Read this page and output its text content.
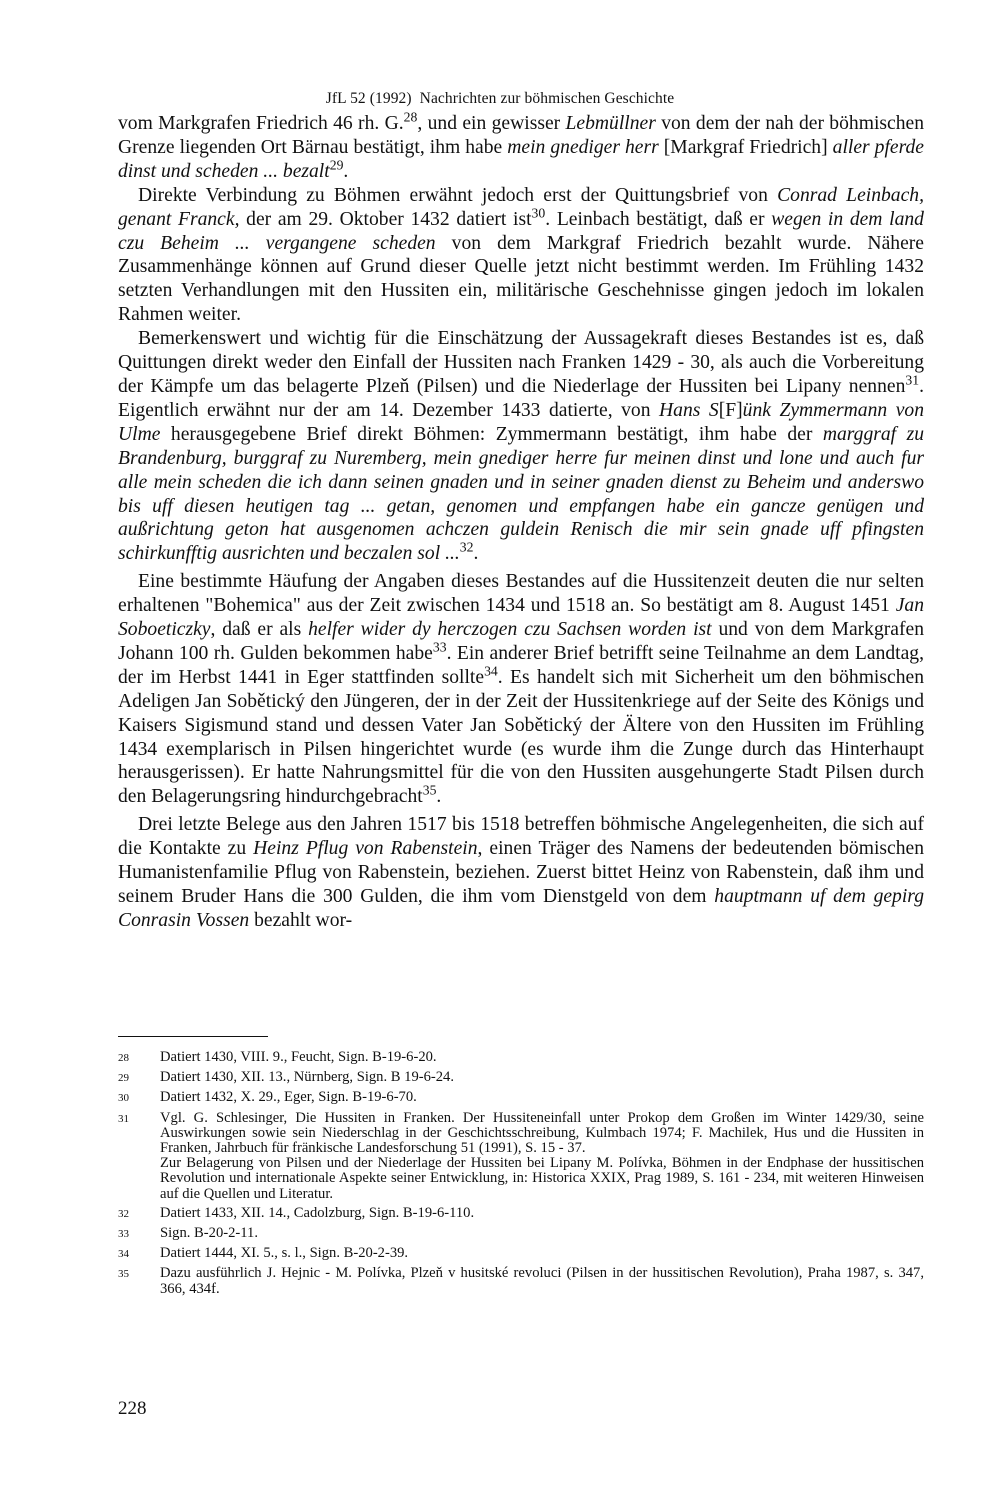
JfL 52 (1992) Nachrichten zur böhmischen Geschichte

vom Markgrafen Friedrich 46 rh. G.$^{28}$, und ein gewisser Lebmüllner von dem der nah der böhmischen Grenze liegenden Ort Bärnau bestätigt, ihm habe mein gnediger herr [Markgraf Friedrich] aller pferde dinst und scheden ... bezalt$^{29}$.

Direkte Verbindung zu Böhmen erwähnt jedoch erst der Quittungsbrief von Conrad Leinbach, genant Franck, der am 29. Oktober 1432 datiert ist$^{30}$. Leinbach bestätigt, daß er wegen in dem land czu Beheim ... vergangene scheden von dem Markgraf Friedrich bezahlt wurde. Nähere Zusammenhänge können auf Grund dieser Quelle jetzt nicht bestimmt werden. Im Frühling 1432 setzten Verhandlungen mit den Hussiten ein, militärische Geschehnisse gingen jedoch im lokalen Rahmen weiter.

Bemerkenswert und wichtig für die Einschätzung der Aussagekraft dieses Bestandes ist es, daß Quittungen direkt weder den Einfall der Hussiten nach Franken 1429 - 30, als auch die Vorbereitung der Kämpfe um das belagerte Plzeň (Pilsen) und die Niederlage der Hussiten bei Lipany nennen$^{31}$. Eigentlich erwähnt nur der am 14. Dezember 1433 datierte, von Hans S[F]ünk Zymmermann von Ulme herausgegebene Brief direkt Böhmen: Zymmermann bestätigt, ihm habe der marggraf zu Brandenburg, burggraf zu Nuremberg, mein gnediger herre fur meinen dinst und lone und auch fur alle mein scheden die ich dann seinen gnaden und in seiner gnaden dienst zu Beheim und anderswo bis uff diesen heutigen tag ... getan, genomen und empfangen habe ein gancze genügen und außrichtung geton hat ausgenomen achczen guldein Renisch die mir sein gnade uff pfingsten schirkunfftig ausrichten und beczalen sol ...$^{32}$.

Eine bestimmte Häufung der Angaben dieses Bestandes auf die Hussitenzeit deuten die nur selten erhaltenen "Bohemica" aus der Zeit zwischen 1434 und 1518 an. So bestätigt am 8. August 1451 Jan Soboeticzky, daß er als helfer wider dy herczogen czu Sachsen worden ist und von dem Markgrafen Johann 100 rh. Gulden bekommen habe$^{33}$. Ein anderer Brief betrifft seine Teilnahme an dem Landtag, der im Herbst 1441 in Eger stattfinden sollte$^{34}$. Es handelt sich mit Sicherheit um den böhmischen Adeligen Jan Sobětický den Jüngeren, der in der Zeit der Hussitenkriege auf der Seite des Königs und Kaisers Sigismund stand und dessen Vater Jan Sobětický der Ältere von den Hussiten im Frühling 1434 exemplarisch in Pilsen hingerichtet wurde (es wurde ihm die Zunge durch das Hinterhaupt herausgerissen). Er hatte Nahrungsmittel für die von den Hussiten ausgehungerte Stadt Pilsen durch den Belagerungsring hindurchgebracht$^{35}$.

Drei letzte Belege aus den Jahren 1517 bis 1518 betreffen böhmische Angelegenheiten, die sich auf die Kontakte zu Heinz Pflug von Rabenstein, einen Träger des Namens der bedeutenden bömischen Humanistenfamilie Pflug von Rabenstein, beziehen. Zuerst bittet Heinz von Rabenstein, daß ihm und seinem Bruder Hans die 300 Gulden, die ihm vom Dienstgeld von dem hauptmann uf dem gepirg Conrasin Vossen bezahlt wor-

28	Datiert 1430, VIII. 9., Feucht, Sign. B-19-6-20.
29	Datiert 1430, XII. 13., Nürnberg, Sign. B 19-6-24.
30	Datiert 1432, X. 29., Eger, Sign. B-19-6-70.
31	Vgl. G. Schlesinger, Die Hussiten in Franken. Der Hussiteneinfall unter Prokop dem Großen im Winter 1429/30, seine Auswirkungen sowie sein Niederschlag in der Geschichtsschreibung, Kulmbach 1974; F. Machilek, Hus und die Hussiten in Franken, Jahrbuch für fränkische Landesforschung 51 (1991), S. 15 - 37.
Zur Belagerung von Pilsen und der Niederlage der Hussiten bei Lipany M. Polívka, Böhmen in der Endphase der hussitischen Revolution und internationale Aspekte seiner Entwicklung, in: Historica XXIX, Prag 1989, S. 161 - 234, mit weiteren Hinweisen auf die Quellen und Literatur.
32	Datiert 1433, XII. 14., Cadolzburg, Sign. B-19-6-110.
33	Sign. B-20-2-11.
34	Datiert 1444, XI. 5., s. l., Sign. B-20-2-39.
35	Dazu ausführlich J. Hejnic - M. Polívka, Plzeň v husitské revoluci (Pilsen in der hussitischen Revolution), Praha 1987, s. 347, 366, 434f.
228
